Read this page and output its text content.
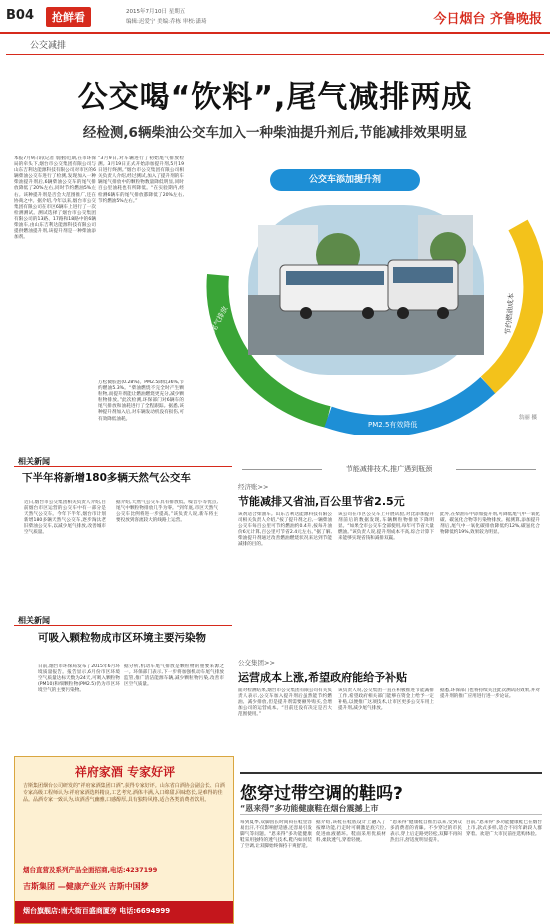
B04	抢鲜看	2015年7月10日 星期五
编辑:迟爱宁 美编:乔栋 审校:潇琦	今日烟台 齐鲁晚报
公交减排
公交喝“饮料”,尾气减排两成
经检测,6辆柴油公交车加入一种柴油提升剂后,节能减排效果明显
本报7月9日讯(记者 翁丽)近期,在市环保局的牵头下,烟台市公交集团有限公司与山东吉利达能源科技有限公司对市区的6辆柴油公交车进行了检测,发现加入一种柴油提升剂后,6辆柴油公交车的尾气排放降低了20%左右,同时节约燃油5%左右。该种提升剂是否会大范围推广,还在协商之中。据介绍,今年以来,烟台市公交集团有限公司在市区6辆车上进行了一次检测测试。测试选择了烟台市公交集团有限公司的13路、17路和18路中的6辆柴油车,由山东吉利达能源科技有限公司提供燃油提升剂,该提升剂是一种柴油添加剂。
“3月9日,对车辆进行了初始尾气排放检测。3月19日正式开始添加提升剂,5月19日进行终测。”烟台市公交集团有限公司相关负责人介绍,经过测试,加入了提升剂的车辆尾气排放中的颗粒物数量降低明显,同时百公里油耗也有所降低。“在实验期内,经检测6辆车的尾气排放都降低了20%左右,节约燃油5%左右。”
降低尾气排放
PM2.5有效降低
节约燃油成本
公交车添加提升剂
翁丽 摄
相关新闻
下半年将新增180多辆天然气公交车
近日,烟台市公交集团相关负责人介绍,目前烟台市区运营的公交车中有一部分是天然气公交车。今年下半年,烟台市计划新增180多辆天然气公交车,逐步淘汰老旧柴油公交车,以减少尾气排放,改善城市空气质量。
据介绍,天然气公交车具有排放低、噪音小等优点,尾气中颗粒物排放几乎为零。“到年底,市区天然气公交车比例将进一步提高。”该负责人说,新车将主要投放到客流较大的线路上运营。
相关新闻
可吸入颗粒物成市区环境主要污染物
日前,烟台市环保局发布了2015年6月环境质量报告。报告显示,6月份市区环境空气质量达标天数为24天,可吸入颗粒物(PM10)和细颗粒物(PM2.5)仍为市区环境空气的主要污染物。
据分析,机动车尾气排放是颗粒物的重要来源之一。环保部门表示,下一步将加强机动车尾气排放监管,推广清洁能源车辆,减少颗粒物污染,改善市区空气质量。
节能减排技术,推广遇到瓶颈
经济账>>
节能减排又省油,百公里节省2.5元
该剂适合柴油车。山东吉利达能源科技有限公司相关负责人介绍,“按了提升剂之后,一辆柴油公交车每百公里可节约燃油约0.4升,按每升油价6元计算,百公里可节省2.4元左右。”据了解,柴油提升剂通过改善燃油燃烧状况来达到节能减排的目的。
该公司在市区公交车上开展试验,对比添加提升剂前后的数据发现,车辆颗粒物排放下降明显。“如果全市公交车全部使用,每年可节省大量燃油。”该负责人说,提升剂成本不高,综合计算下来能够实现省钱和减排双赢。
此外,在柴油车中添加提升剂,可降低尾气中一氧化碳、碳氢化合物等污染物排放。据测算,添加提升剂后,尾气中一氧化碳排放降低约12%,碳氢化合物降低约19%,效果较为明显。
公交集团>>
运营成本上涨,希望政府能给予补贴
面对检测结果,烟台市公交集团有限公司有关负责人表示,公交车加入提升剂后虽然能节约燃油、减少排放,但是提升剂需要额外购买,会增加公司的运营成本。“目前还没有决定是否大范围使用。”
该负责人说,公交集团一直在积极推进节能减排工作,希望政府相关部门能够在资金上给予一定补贴,以便推广这项技术,让市区更多公交车用上提升剂,减少尾气排放。
据悉,环保部门也将持续关注此次测试的效果,并对提升剂的推广应用进行进一步论证。
祥府家酒 专家好评
吉斯集团烟台公司研发的“祥府家酒集团口酒”,获得专家好评。山东省白酒协会副会长、白酒专家高级工程师认为:祥府家酒选料精良,工艺考究,酒体丰满,入口绵甜,回味悠长,是难得的佳品。品酒专家一致认为,该酒香气幽雅,口感醇厚,具有独特风格,适合各类消费者饮用。
烟台直营及系列产品全面招商,电话:4237199
吉斯集团 —健康产业兴 吉斯中国梦
烟台旗舰店:南大街百盛商厦旁 电话:6694999
您穿过带空调的鞋吗?
“恩来得”多功能健康鞋在烟台震撼上市
每到夏季,双脚因长时间闷在鞋里容易出汗,不仅影响舒适感,还容易引发脚气等问题。“恩来得”多功能健康鞋采用独特的透气技术,鞋内如同装了空调,让双脚始终保持干爽舒适。
据介绍,该鞋在鞋底设计上融入了按摩功能,行走时可刺激足底穴位,促进血液循环。鞋面采用优质材料,柔软透气,穿着轻便。
“恩来得”健康鞋自推出以来,受到众多消费者的青睐。不少穿过的市民表示,穿上后走路更轻松,双脚不再闷热出汗,舒适度明显提升。
目前,“恩来得”多功能健康鞋已在烟台上市,款式多样,适合不同年龄段人群穿着。欢迎广大市民前往选购体验。
万松微胶泡(0.28%)。PM2.5降低36%,节约燃油5.3%。“柴油燃烧不完全时产生颗粒物,而提升剂能让燃油燃烧更充分,减少颗粒物排放。”此次检测,环保部门对6辆车的尾气排放和油耗进行了全程跟踪。据悉,该种提升剂加入后,对车辆发动机没有损伤,可有效降低油耗。
